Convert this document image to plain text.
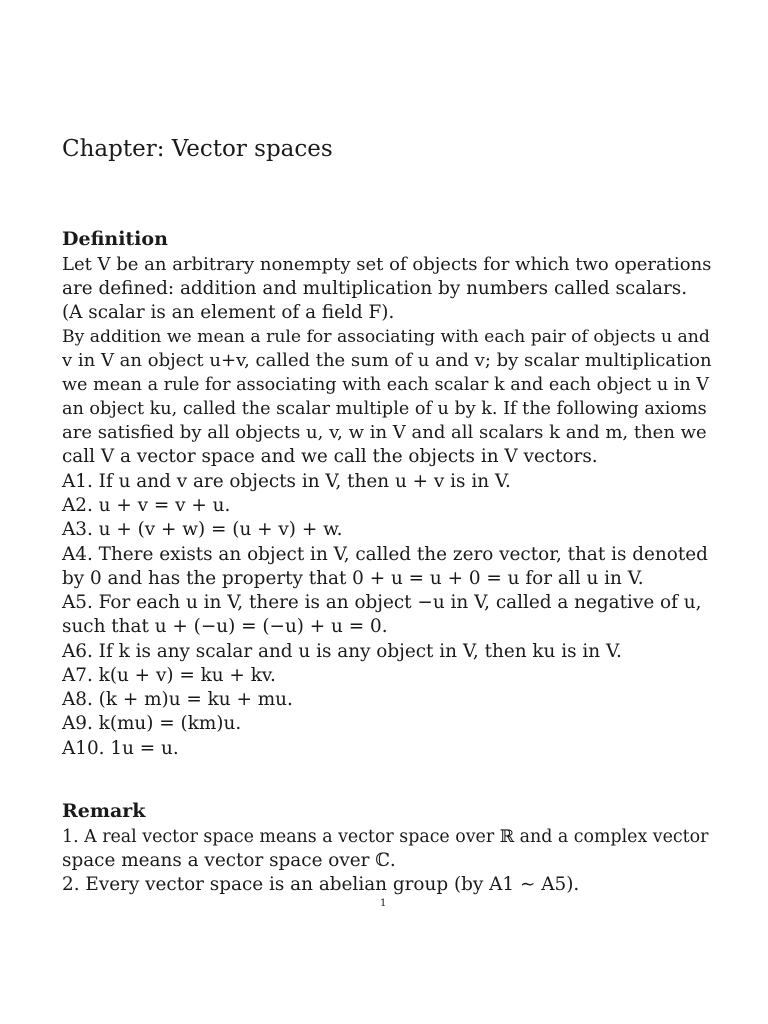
Chapter: Vector spaces
Definition
Let V be an arbitrary nonempty set of objects for which two operations
are defined: addition and multiplication by numbers called scalars.
(A scalar is an element of a field F).
By addition we mean a rule for associating with each pair of objects u and
v in V an object u+v, called the sum of u and v; by scalar multiplication
we mean a rule for associating with each scalar k and each object u in V
an object ku, called the scalar multiple of u by k. If the following axioms
are satisfied by all objects u, v, w in V and all scalars k and m, then we
call V a vector space and we call the objects in V vectors.
A1. If u and v are objects in V, then u + v is in V.
A2. u + v = v + u.
A3. u + (v + w) = (u + v) + w.
A4. There exists an object in V, called the zero vector, that is denoted
by 0 and has the property that 0 + u = u + 0 = u for all u in V.
A5. For each u in V, there is an object −u in V, called a negative of u,
such that u + (−u) = (−u) + u = 0.
A6. If k is any scalar and u is any object in V, then ku is in V.
A7. k(u + v) = ku + kv.
A8. (k + m)u = ku + mu.
A9. k(mu) = (km)u.
A10. 1u = u.
Remark
1. A real vector space means a vector space over ℝ and a complex vector
space means a vector space over ℂ.
2. Every vector space is an abelian group (by A1 ∼ A5).
1
